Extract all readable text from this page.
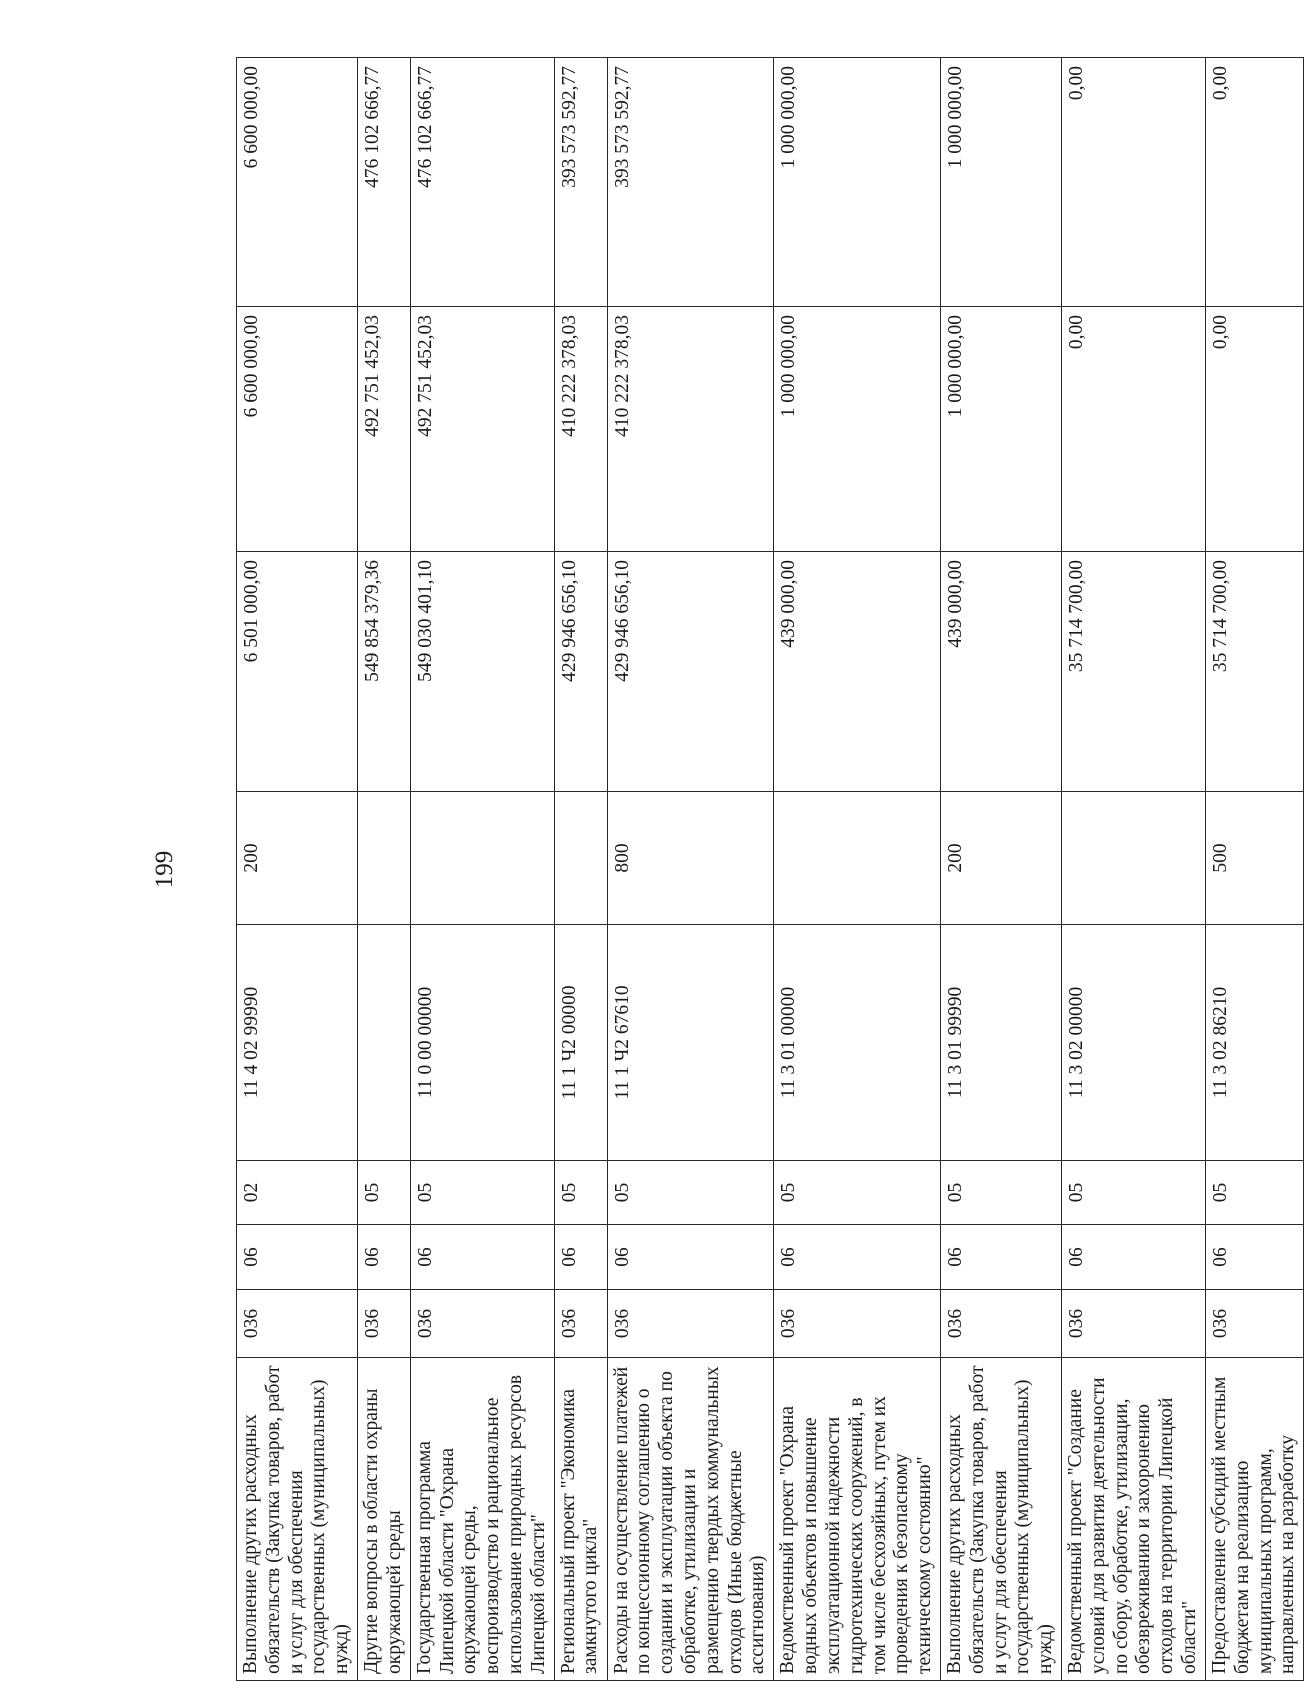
199
Выполнение других расходных обязательств (Закупка товаров, работ и услуг для обеспечения государственных (муниципальных) нужд)	036	06	02	11 4 02 99990	200	6 501 000,00	6 600 000,00	6 600 000,00
Другие вопросы в области охраны окружающей среды	036	06	05			549 854 379,36	492 751 452,03	476 102 666,77
Государственная программа Липецкой области "Охрана окружающей среды, воспроизводство и рациональное использование природных ресурсов Липецкой области"	036	06	05	11 0 00 00000		549 030 401,10	492 751 452,03	476 102 666,77
Региональный проект "Экономика замкнутого цикла"	036	06	05	11 1 Ч2 00000		429 946 656,10	410 222 378,03	393 573 592,77
Расходы на осуществление платежей по концессионному соглашению о создании и эксплуатации объекта по обработке, утилизации и размещению твердых коммунальных отходов (Иные бюджетные ассигнования)	036	06	05	11 1 Ч2 67610	800	429 946 656,10	410 222 378,03	393 573 592,77
Ведомственный проект "Охрана водных объектов и повышение эксплуатационной надежности гидротехнических сооружений, в том числе бесхозяйных, путем их проведения к безопасному техническому состоянию"	036	06	05	11 3 01 00000		439 000,00	1 000 000,00	1 000 000,00
Выполнение других расходных обязательств (Закупка товаров, работ и услуг для обеспечения государственных (муниципальных) нужд)	036	06	05	11 3 01 99990	200	439 000,00	1 000 000,00	1 000 000,00
Ведомственный проект "Создание условий для развития деятельности по сбору, обработке, утилизации, обезвреживанию и захоронению отходов на территории Липецкой области"	036	06	05	11 3 02 00000		35 714 700,00	0,00	0,00
Предоставление субсидий местным бюджетам на реализацию муниципальных программ, направленных на разработку	036	06	05	11 3 02 86210	500	35 714 700,00	0,00	0,00
